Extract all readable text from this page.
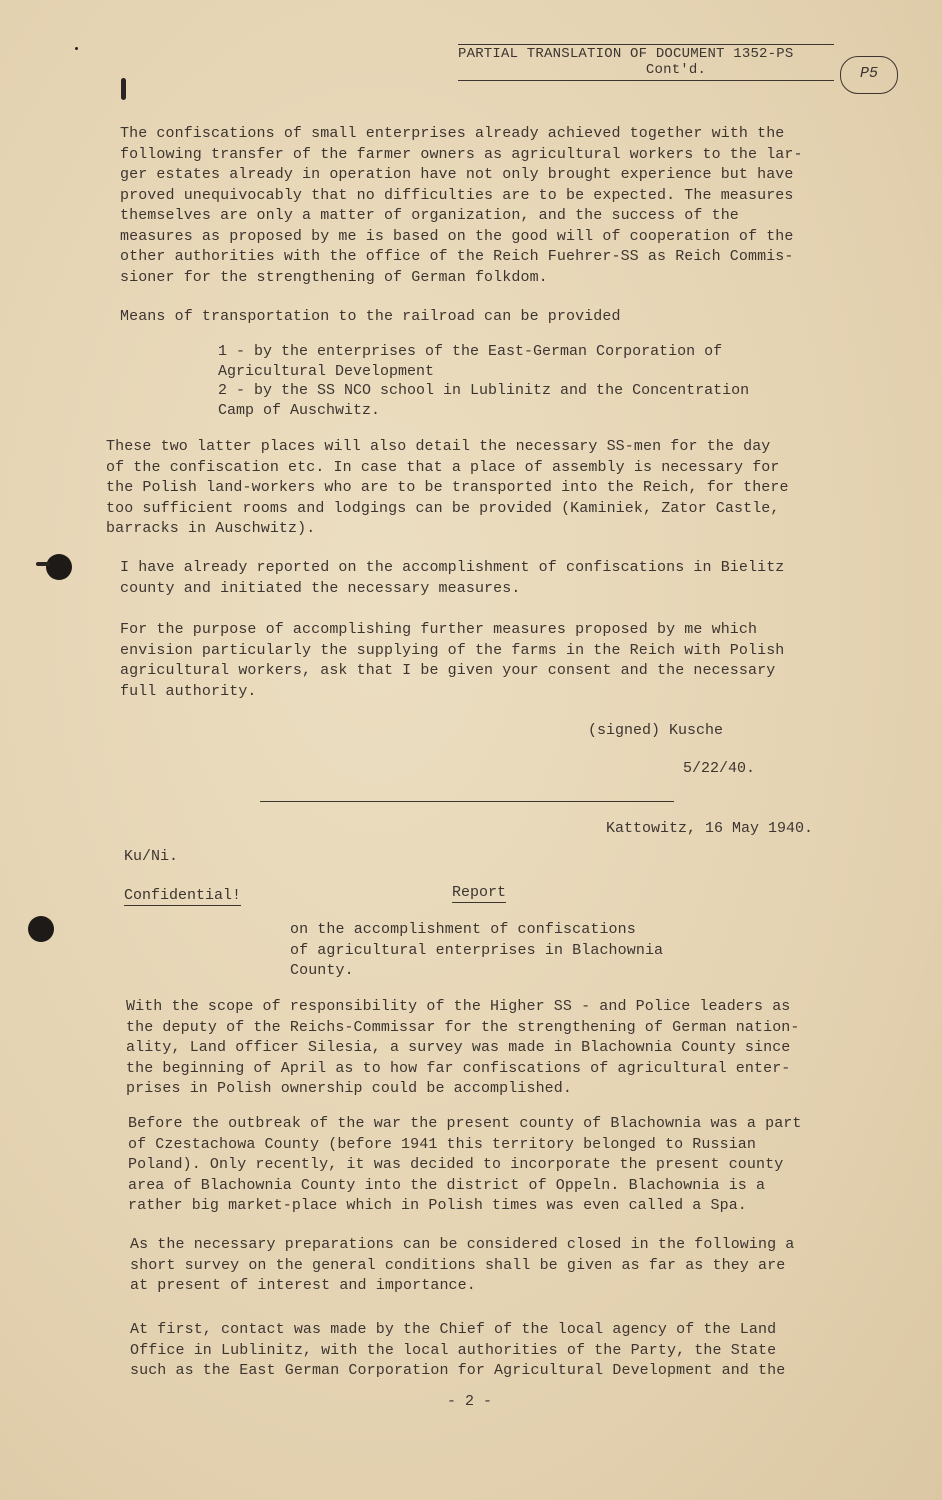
PARTIAL TRANSLATION OF DOCUMENT 1352-PS
Cont'd.	P5
The confiscations of small enterprises already achieved together with the
following transfer of the farmer owners as agricultural workers to the lar-
ger estates already in operation have not only brought experience but have
proved unequivocably that no difficulties are to be expected. The measures
themselves are only a matter of organization, and the success of the
measures as proposed by me is based on the good will of cooperation of the
other authorities with the office of the Reich Fuehrer-SS as Reich Commis-
sioner for the strengthening of German folkdom.
Means of transportation to the railroad can be provided
1 - by the enterprises of the East-German Corporation of
Agricultural Development
2 - by the SS NCO school in Lublinitz and the Concentration
Camp of Auschwitz.
These two latter places will also detail the necessary SS-men for the day
of the confiscation etc. In case that a place of assembly is necessary for
the Polish land-workers who are to be transported into the Reich, for there
too sufficient rooms and lodgings can be provided (Kaminiek, Zator Castle,
barracks in Auschwitz).
I have already reported on the accomplishment of confiscations in Bielitz
county and initiated the necessary measures.
For the purpose of accomplishing further measures proposed by me which
envision particularly the supplying of the farms in the Reich with Polish
agricultural workers, ask that I be given your consent and the necessary
full authority.
(signed) Kusche
5/22/40.
Kattowitz, 16 May 1940.
Ku/Ni.
Confidential!	Report
on the accomplishment of confiscations
of agricultural enterprises in Blachownia
County.
With the scope of responsibility of the Higher SS - and Police leaders as
the deputy of the Reichs-Commissar for the strengthening of German nation-
ality, Land officer Silesia, a survey was made in Blachownia County since
the beginning of April as to how far confiscations of agricultural enter-
prises in Polish ownership could be accomplished.
Before the outbreak of the war the present county of Blachownia was a part
of Czestachowa County (before 1941 this territory belonged to Russian
Poland). Only recently, it was decided to incorporate the present county
area of Blachownia County into the district of Oppeln. Blachownia is a
rather big market-place which in Polish times was even called a Spa.
As the necessary preparations can be considered closed in the following a
short survey on the general conditions shall be given as far as they are
at present of interest and importance.
At first, contact was made by the Chief of the local agency of the Land
Office in Lublinitz, with the local authorities of the Party, the State
such as the East German Corporation for Agricultural Development and the
- 2 -
